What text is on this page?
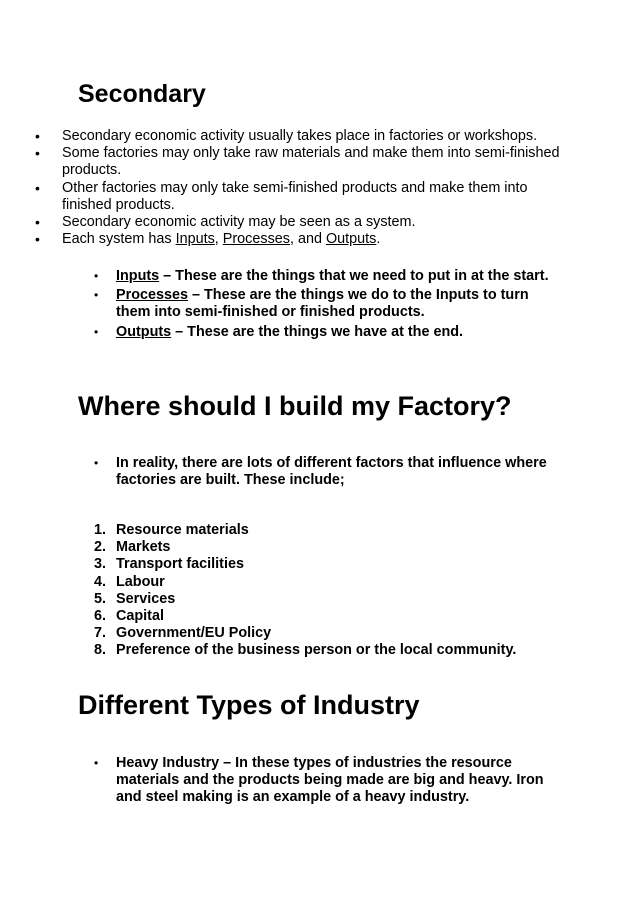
Secondary
• Secondary economic activity usually takes place in factories or workshops.
• Some factories may only take raw materials and make them into semi-finished products.
• Other factories may only take semi-finished products and make them into finished products.
• Secondary economic activity may be seen as a system.
• Each system has Inputs, Processes, and Outputs.
• Inputs – These are the things that we need to put in at the start.
• Processes – These are the things we do to the Inputs to turn them into semi-finished or finished products.
• Outputs – These are the things we have at the end.
Where should I build my Factory?
• In reality, there are lots of different factors that influence where factories are built. These include;
1. Resource materials
2. Markets
3. Transport facilities
4. Labour
5. Services
6. Capital
7. Government/EU Policy
8. Preference of the business person or the local community.
Different Types of Industry
• Heavy Industry – In these types of industries the resource materials and the products being made are big and heavy. Iron and steel making is an example of a heavy industry.
